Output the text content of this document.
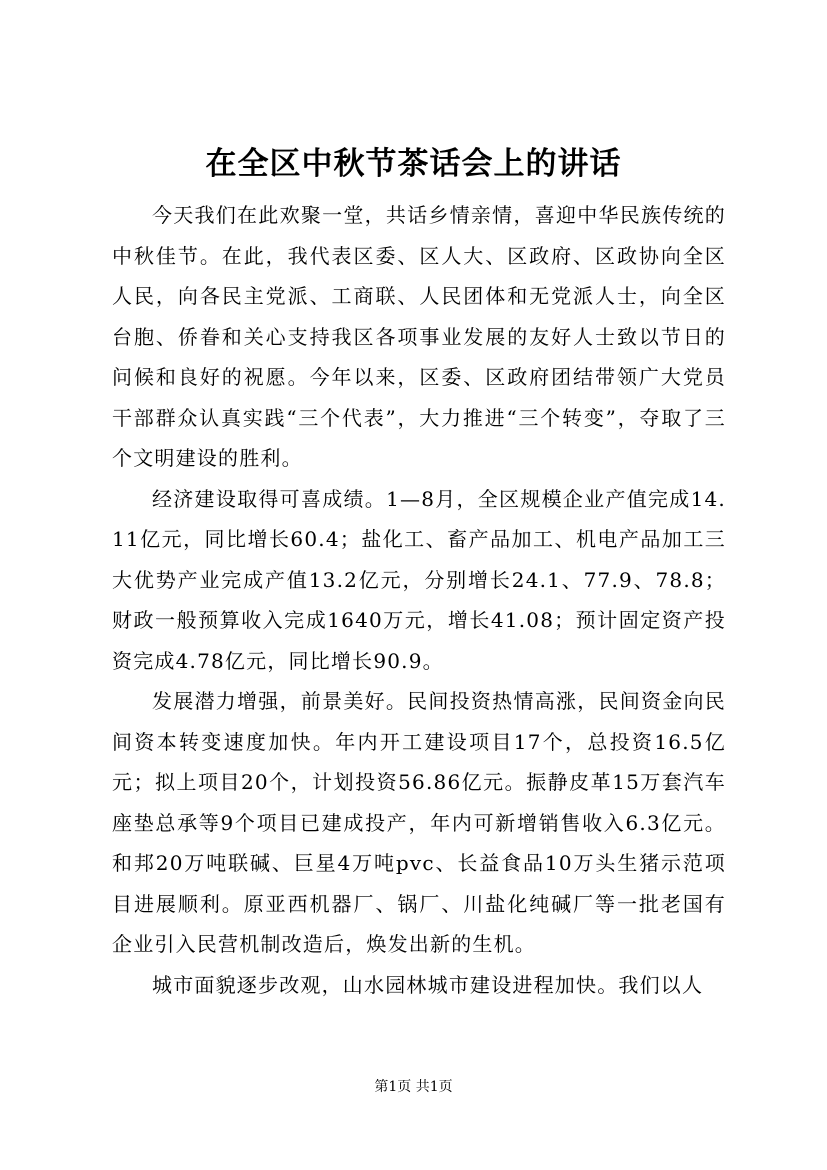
在全区中秋节茶话会上的讲话

今天我们在此欢聚一堂，共话乡情亲情，喜迎中华民族传统的中秋佳节。在此，我代表区委、区人大、区政府、区政协向全区人民，向各民主党派、工商联、人民团体和无党派人士，向全区台胞、侨眷和关心支持我区各项事业发展的友好人士致以节日的问候和良好的祝愿。今年以来，区委、区政府团结带领广大党员干部群众认真实践“三个代表”，大力推进“三个转变”，夺取了三个文明建设的胜利。

经济建设取得可喜成绩。1—8月，全区规模企业产值完成14.11亿元，同比增长60.4；盐化工、畜产品加工、机电产品加工三大优势产业完成产值13.2亿元，分别增长24.1、77.9、78.8；财政一般预算收入完成1640万元，增长41.08；预计固定资产投资完成4.78亿元，同比增长90.9。

发展潜力增强，前景美好。民间投资热情高涨，民间资金向民间资本转变速度加快。年内开工建设项目17个，总投资16.5亿元；拟上项目20个，计划投资56.86亿元。振静皮革15万套汽车座垫总承等9个项目已建成投产，年内可新增销售收入6.3亿元。和邦20万吨联碱、巨星4万吨pvc、长益食品10万头生猪示范项目进展顺利。原亚西机器厂、锅厂、川盐化纯碱厂等一批老国有企业引入民营机制改造后，焕发出新的生机。

城市面貌逐步改观，山水园林城市建设进程加快。我们以人

第1页 共1页
